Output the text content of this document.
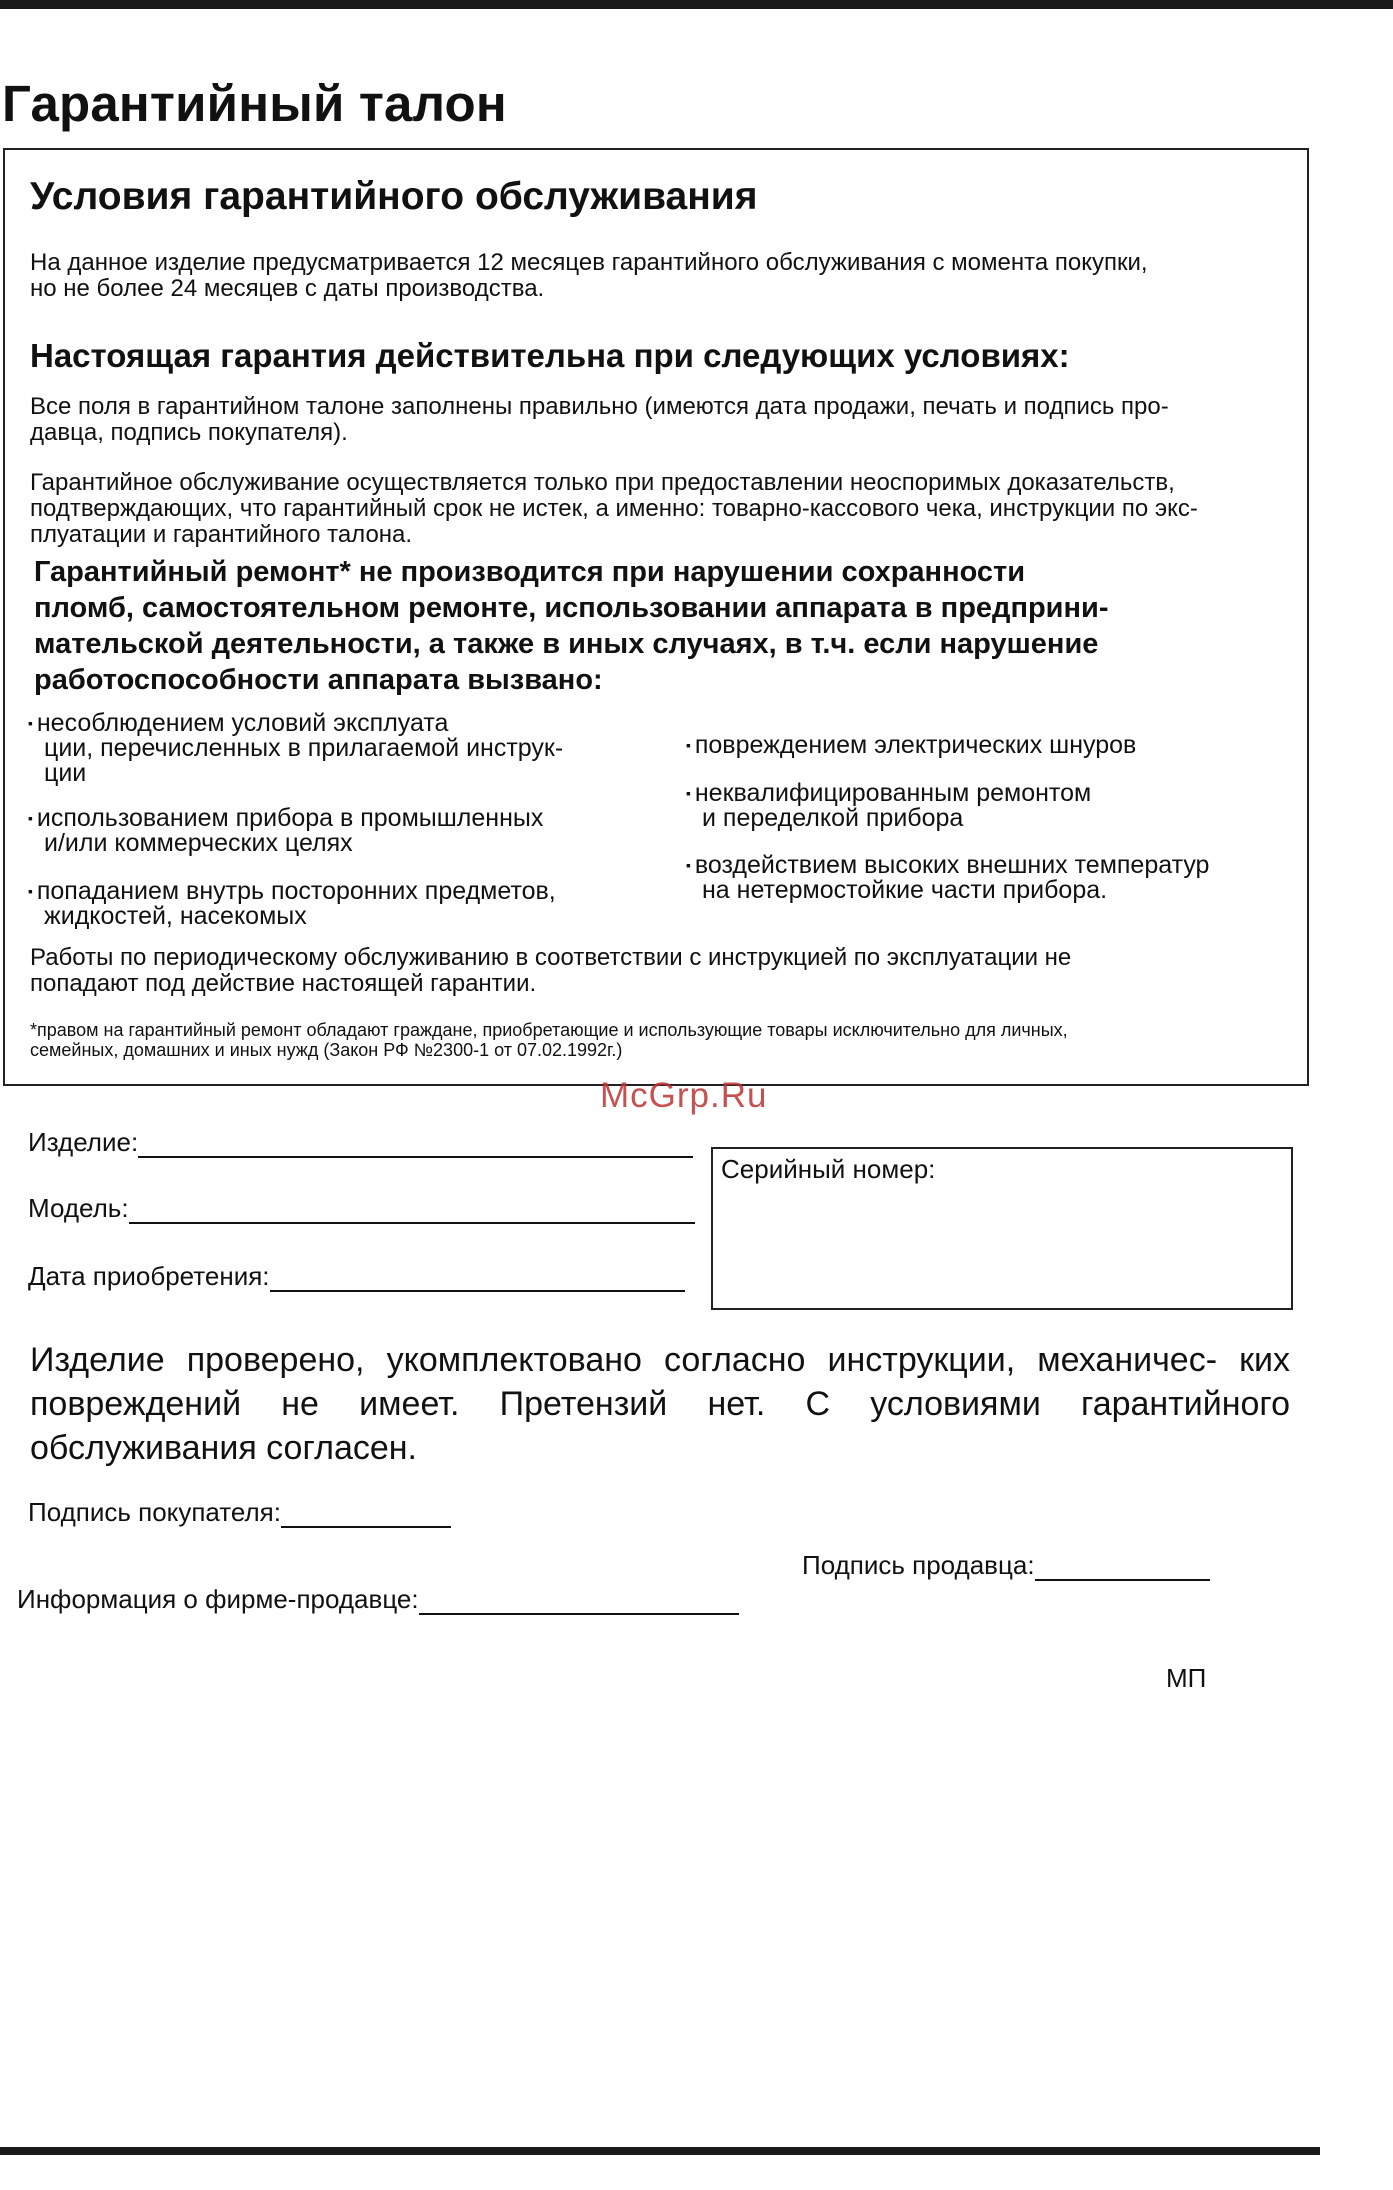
Гарантийный талон
Условия гарантийного обслуживания
На данное изделие предусматривается 12 месяцев гарантийного обслуживания с момента покупки,
но не более 24 месяцев с даты производства.
Настоящая гарантия действительна при следующих условиях:
Все поля в гарантийном талоне заполнены правильно (имеются дата продажи, печать и подпись про-
давца, подпись покупателя).
Гарантийное обслуживание осуществляется только при предоставлении неоспоримых доказательств,
подтверждающих, что гарантийный срок не истек, а именно: товарно-кассового чека, инструкции по экс-
плуатации и гарантийного талона.
Гарантийный ремонт* не производится при нарушении сохранности
пломб, самостоятельном ремонте, использовании аппарата в предприни-
мательской деятельности, а также в иных случаях, в т.ч. если нарушение
работоспособности аппарата вызвано:
▪ несоблюдением условий эксплуата
ции, перечисленных в прилагаемой инструк-
ции
▪ использованием прибора в промышленных
и/или коммерческих целях
▪ попаданием внутрь посторонних предметов,
жидкостей, насекомых
▪ повреждением электрических шнуров
▪ неквалифицированным ремонтом
и переделкой прибора
▪ воздействием высоких внешних температур
на нетермостойкие части прибора.
Работы по периодическому обслуживанию в соответствии с инструкцией по эксплуатации не
попадают под действие настоящей гарантии.
*правом на гарантийный ремонт обладают граждане, приобретающие и использующие товары исключительно для личных,
семейных, домашних и иных нужд (Закон РФ №2300-1 от 07.02.1992г.)
McGrp.Ru
Изделие:
Модель:
Дата приобретения:
Серийный номер:
Изделие проверено, укомплектовано согласно инструкции, механичес- ких повреждений не имеет. Претензий нет. С условиями гарантийного обслуживания согласен.
Подпись покупателя:
Подпись продавца:
Информация о фирме-продавце:
МП
